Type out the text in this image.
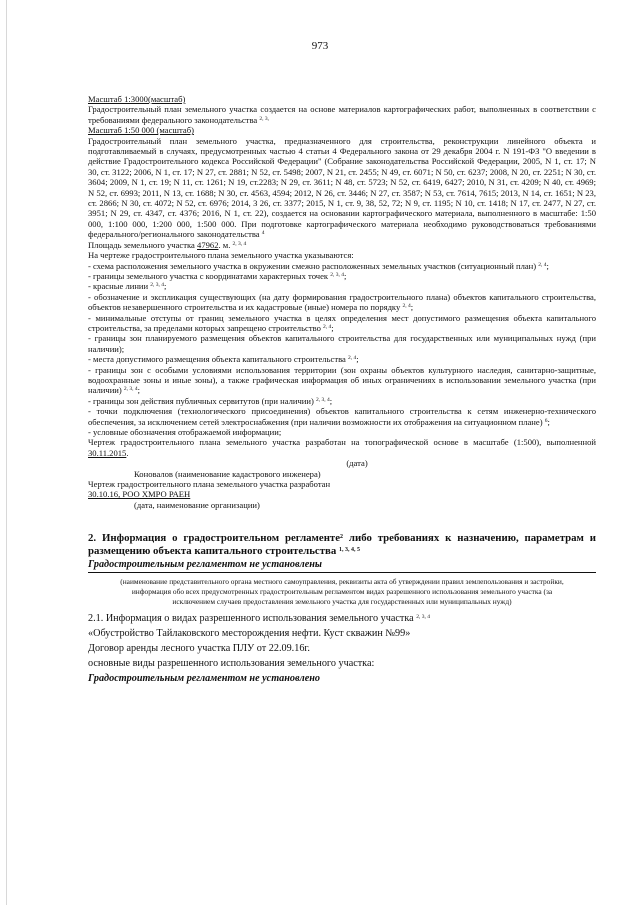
973

Масштаб 1:3000(масштаб)

Градостроительный план земельного участка создается на основе материалов картографических работ, выполненных в соответствии с требованиями федерального законодательства $^{2, 3,}$

Масштаб 1:50 000 (масштаб)

Градостроительный план земельного участка, предназначенного для строительства, реконструкции линейного объекта и подготавливаемый в случаях, предусмотренных частью 4 статьи 4 Федерального закона от 29 декабря 2004 г. N 191-ФЗ "О введении в действие Градостроительного кодекса Российской Федерации" (Собрание законодательства Российской Федерации, 2005, N 1, ст. 17; N 30, ст. 3122; 2006, N 1, ст. 17; N 27, ст. 2881; N 52, ст. 5498; 2007, N 21, ст. 2455; N 49, ст. 6071; N 50, ст. 6237; 2008, N 20, ст. 2251; N 30, ст. 3604; 2009, N 1, ст. 19; N 11, ст. 1261; N 19, ст.2283; N 29, ст. 3611; N 48, ст. 5723; N 52, ст. 6419, 6427; 2010, N 31, ст. 4209; N 40, ст. 4969; N 52, ст. 6993; 2011, N 13, ст. 1688; N 30, ст. 4563, 4594; 2012, N 26, ст. 3446; N 27, ст. 3587; N 53, ст. 7614, 7615; 2013, N 14, ст. 1651; N 23, ст. 2866; N 30, ст. 4072; N 52, ст. 6976; 2014, 3 26, ст. 3377; 2015, N 1, ст. 9, 38, 52, 72; N 9, ст. 1195; N 10, ст. 1418; N 17, ст. 2477, N 27, ст. 3951; N 29, ст. 4347, ст. 4376; 2016, N 1, ст. 22), создается на основании картографического материала, выполненного в масштабе: 1:50 000, 1:100 000, 1:200 000, 1:500 000. При подготовке картографического материала необходимо руководствоваться требованиями федерального/регионального законодательства $^4$

Площадь земельного участка 47962. м. $^{2, 3, 4}$

На чертеже градостроительного плана земельного участка указываются:

- схема расположения земельного участка в окружении смежно расположенных земельных участков (ситуационный план) $^{2, 4}$;

- границы земельного участка с координатами характерных точек $^{2, 3, 4}$;

- красные линии $^{2, 3, 4}$;

- обозначение и экспликация существующих (на дату формирования градостроительного плана) объектов капитального строительства, объектов незавершенного строительства и их кадастровые (иные) номера по порядку $^{2, 4}$;

- минимальные отступы от границ земельного участка в целях определения мест допустимого размещения объекта капитального строительства, за пределами которых запрещено строительство $^{2, 4}$;

- границы зон планируемого размещения объектов капитального строительства для государственных или муниципальных нужд (при наличии);

- места допустимого размещения объекта капитального строительства $^{2, 4}$;

- границы зон с особыми условиями использования территории (зон охраны объектов культурного наследия, санитарно-защитные, водоохранные зоны и иные зоны), а также графическая информация об иных ограничениях в использовании земельного участка (при наличии) $^{2, 3, 4}$;

- границы зон действия публичных сервитутов (при наличии) $^{2, 3, 4}$;

- точки подключения (технологического присоединения) объектов капитального строительства к сетям инженерно-технического обеспечения, за исключением сетей электроснабжения (при наличии возможности их отображения на ситуационном плане) $^6$;

- условные обозначения отображаемой информации;

Чертеж градостроительного плана земельного участка разработан на топографической основе в масштабе (1:500), выполненной 30.11.2015.

(дата)
Коновалов (наименование кадастрового инженера)

Чертеж градостроительного плана земельного участка разработан

30.10.16, РОО ХМРО РАЕН

(дата, наименование организации)

2. Информация о градостроительном регламенте$^2$ либо требованиях к назначению, параметрам и размещению объекта капитального строительства $^{1, 3, 4, 5}$

Градостроительным регламентом не установлены

(наименование представительного органа местного самоуправления, реквизиты акта об утверждении правил землепользования и застройки, информация обо всех предусмотренных градостроительным регламентом видах разрешенного использования земельного участка (за исключением случаев предоставления земельного участка для государственных или муниципальных нужд)

2.1. Информация о видах разрешенного использования земельного участка $^{2, 3, 4}$

«Обустройство Тайлаковского месторождения нефти. Куст скважин №99»

Договор аренды лесного участка ПЛУ от 22.09.16г.

основные виды разрешенного использования земельного участка:

Градостроительным регламентом не установлено
